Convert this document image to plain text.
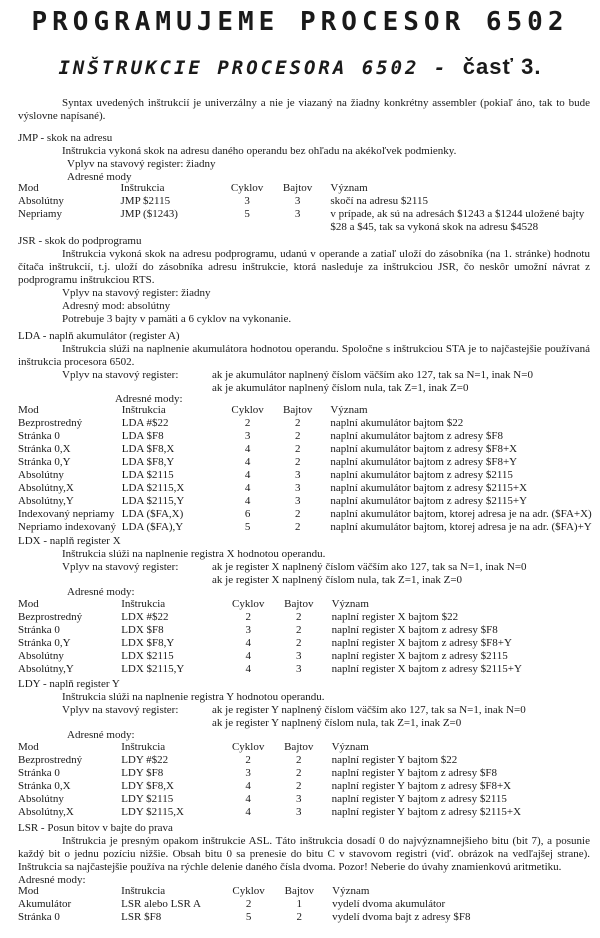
PROGRAMUJEME PROCESOR 6502
INŠTRUKCIE PROCESORA 6502 - časť 3.
Syntax uvedených inštrukcií je univerzálny a nie je viazaný na žiadny konkrétny assembler (pokiaľ áno, tak to bude výslovne napísané).
JMP - skok na adresu
Inštrukcia vykoná skok na adresu daného operandu bez ohľadu na akékoľvek podmienky.
Vplyv na stavový register: žiadny
Adresné mody
Mod	Inštrukcia	Cyklov	Bajtov	Význam
Absolútny	JMP $2115	3	3	skočí na adresu $2115
Nepriamy	JMP ($1243)	5	3	v prípade, ak sú na adresách $1243 a $1244 uložené bajty
				$28 a $45, tak sa vykoná skok na adresu $4528
JSR - skok do podprogramu
Inštrukcia vykoná skok na adresu podprogramu, udanú v operande a zatiaľ uloží do zásobníka (na 1. stránke) hodnotu čítača inštrukcií, t.j. uloží do zásobníka adresu inštrukcie, ktorá nasleduje za inštrukciou JSR, čo neskôr umožní návrat z podprogramu inštrukciou RTS.
Vplyv na stavový register: žiadny
Adresný mod: absolútny
Potrebuje 3 bajty v pamäti a 6 cyklov na vykonanie.
LDA - naplň akumulátor (register A)
Inštrukcia slúži na naplnenie akumulátora hodnotou operandu. Spoločne s inštrukciou STA je to najčastejšie používaná inštrukcia procesora 6502.
Vplyv na stavový register:	ak je akumulátor naplnený číslom väčším ako 127, tak sa N=1, inak N=0
ak je akumulátor naplnený číslom nula, tak Z=1, inak Z=0
Adresné mody:
Mod	Inštrukcia	Cyklov	Bajtov	Význam
Bezprostredný	LDA #$22	2	2	naplní akumulátor bajtom $22
Stránka 0	LDA $F8	3	2	naplní akumulátor bajtom z adresy $F8
Stránka 0,X	LDA $F8,X	4	2	naplní akumulátor bajtom z adresy $F8+X
Stránka 0,Y	LDA $F8,Y	4	2	naplní akumulátor bajtom z adresy $F8+Y
Absolútny	LDA $2115	4	3	naplní akumulátor bajtom z adresy $2115
Absolútny,X	LDA $2115,X	4	3	naplní akumulátor bajtom z adresy $2115+X
Absolútny,Y	LDA $2115,Y	4	3	naplní akumulátor bajtom z adresy $2115+Y
Indexovaný nepriamy	LDA ($FA,X)	6	2	naplní akumulátor bajtom, ktorej adresa je na adr. ($FA+X)
Nepriamo indexovaný	LDA ($FA),Y	5	2	naplní akumulátor bajtom, ktorej adresa je na adr. ($FA)+Y
LDX - naplň register X
Inštrukcia slúži na naplnenie registra X hodnotou operandu.
Vplyv na stavový register:	ak je register X naplnený číslom väčším ako 127, tak sa N=1, inak N=0
ak je register X naplnený číslom nula, tak Z=1, inak Z=0
Adresné mody:
Mod	Inštrukcia	Cyklov	Bajtov	Význam
Bezprostredný	LDX #$22	2	2	naplní register X bajtom $22
Stránka 0	LDX $F8	3	2	naplní register X bajtom z adresy $F8
Stránka 0,Y	LDX $F8,Y	4	2	naplní register X bajtom z adresy $F8+Y
Absolútny	LDX $2115	4	3	naplní register X bajtom z adresy $2115
Absolútny,Y	LDX $2115,Y	4	3	naplní register X bajtom z adresy $2115+Y
LDY - naplň register Y
Inštrukcia slúži na naplnenie registra Y hodnotou operandu.
Vplyv na stavový register:	ak je register Y naplnený číslom väčším ako 127, tak sa N=1, inak N=0
ak je register Y naplnený číslom nula, tak Z=1, inak Z=0
Adresné mody:
Mod	Inštrukcia	Cyklov	Bajtov	Význam
Bezprostredný	LDY #$22	2	2	naplní register Y bajtom $22
Stránka 0	LDY $F8	3	2	naplní register Y bajtom z adresy $F8
Stránka 0,X	LDY $F8,X	4	2	naplní register Y bajtom z adresy $F8+X
Absolútny	LDY $2115	4	3	naplní register Y bajtom z adresy $2115
Absolútny,X	LDY $2115,X	4	3	naplní register Y bajtom z adresy $2115+X
LSR - Posun bitov v bajte do prava
Inštrukcia je presným opakom inštrukcie ASL. Táto inštrukcia dosadí 0 do najvýznamnejšieho bitu (bit 7), a posunie každý bit o jednu pozíciu nižšie. Obsah bitu 0 sa prenesie do bitu C v stavovom registri (viď. obrázok na vedľajšej strane). Inštrukcia sa najčastejšie používa na rýchle delenie daného čísla dvoma. Pozor! Neberie do úvahy znamienkovú aritmetiku.
Adresné mody:
Mod	Inštrukcia	Cyklov	Bajtov	Význam
Akumulátor	LSR alebo LSR A	2	1	vydelí dvoma akumulátor
Stránka 0	LSR $F8	5	2	vydelí dvoma bajt z adresy $F8
